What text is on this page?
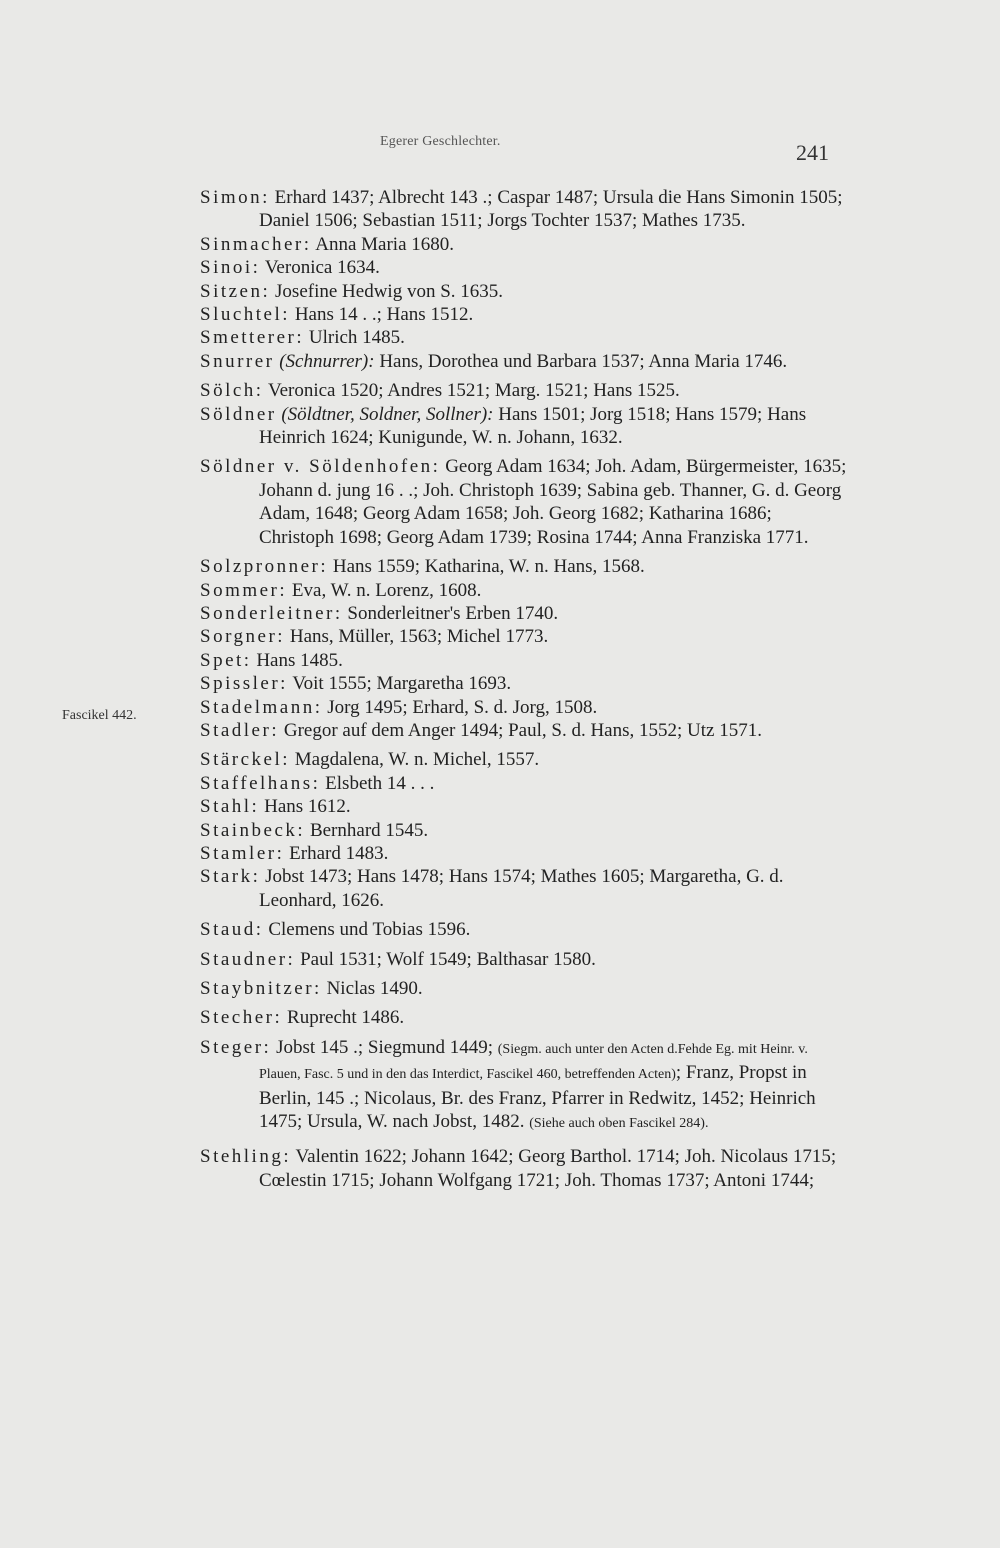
Egerer Geschlechter.	241
Fascikel 442.
Simon: Erhard 1437; Albrecht 143 .; Caspar 1487; Ursula die Hans Simonin 1505; Daniel 1506; Sebastian 1511; Jorgs Tochter 1537; Mathes 1735.
Sinmacher: Anna Maria 1680.
Sinoi: Veronica 1634.
Sitzen: Josefine Hedwig von S. 1635.
Sluchtel: Hans 14 . .; Hans 1512.
Smetterer: Ulrich 1485.
Snurrer (Schnurrer): Hans, Dorothea und Barbara 1537; Anna Maria 1746.
Sölch: Veronica 1520; Andres 1521; Marg. 1521; Hans 1525.
Söldner (Söldtner, Soldner, Sollner): Hans 1501; Jorg 1518; Hans 1579; Hans Heinrich 1624; Kunigunde, W. n. Johann, 1632.
Söldner v. Söldenhofen: Georg Adam 1634; Joh. Adam, Bürgermeister, 1635; Johann d. jung 16 . .; Joh. Christoph 1639; Sabina geb. Thanner, G. d. Georg Adam, 1648; Georg Adam 1658; Joh. Georg 1682; Katharina 1686; Christoph 1698; Georg Adam 1739; Rosina 1744; Anna Franziska 1771.
Solzpronner: Hans 1559; Katharina, W. n. Hans, 1568.
Sommer: Eva, W. n. Lorenz, 1608.
Sonderleitner: Sonderleitner's Erben 1740.
Sorgner: Hans, Müller, 1563; Michel 1773.
Spet: Hans 1485.
Spissler: Voit 1555; Margaretha 1693.
Stadelmann: Jorg 1495; Erhard, S. d. Jorg, 1508.
Stadler: Gregor auf dem Anger 1494; Paul, S. d. Hans, 1552; Utz 1571.
Stärckel: Magdalena, W. n. Michel, 1557.
Staffelhans: Elsbeth 14 . . .
Stahl: Hans 1612.
Stainbeck: Bernhard 1545.
Stamler: Erhard 1483.
Stark: Jobst 1473; Hans 1478; Hans 1574; Mathes 1605; Margaretha, G. d. Leonhard, 1626.
Staud: Clemens und Tobias 1596.
Staudner: Paul 1531; Wolf 1549; Balthasar 1580.
Staybnitzer: Niclas 1490.
Stecher: Ruprecht 1486.
Steger: Jobst 145 .; Siegmund 1449; (Siegm. auch unter den Acten d.Fehde Eg. mit Heinr. v. Plauen, Fasc. 5 und in den das Interdict, Fascikel 460, betreffenden Acten); Franz, Propst in Berlin, 145 .; Nicolaus, Br. des Franz, Pfarrer in Redwitz, 1452; Heinrich 1475; Ursula, W. nach Jobst, 1482. (Siehe auch oben Fascikel 284).
Stehling: Valentin 1622; Johann 1642; Georg Barthol. 1714; Joh. Nicolaus 1715; Cœlestin 1715; Johann Wolfgang 1721; Joh. Thomas 1737; Antoni 1744;
